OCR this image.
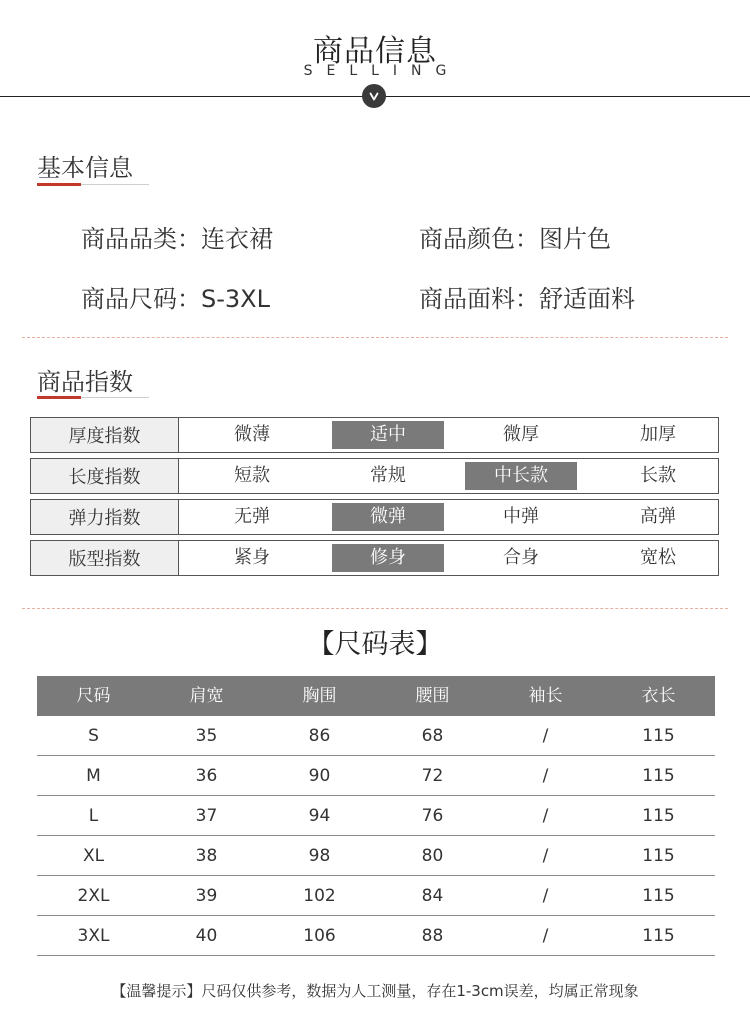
商品信息
SELLING
基本信息
商品品类：连衣裙	商品颜色：图片色
商品尺码：S-3XL	商品面料：舒适面料
商品指数
厚度指数	微薄	适中	微厚	加厚
长度指数	短款	常规	中长款	长款
弹力指数	无弹	微弹	中弹	高弹
版型指数	紧身	修身	合身	宽松
【尺码表】
尺码	肩宽	胸围	腰围	袖长	衣长
S	35	86	68	/	115
M	36	90	72	/	115
L	37	94	76	/	115
XL	38	98	80	/	115
2XL	39	102	84	/	115
3XL	40	106	88	/	115
【温馨提示】尺码仅供参考，数据为人工测量，存在1-3cm误差，均属正常现象
